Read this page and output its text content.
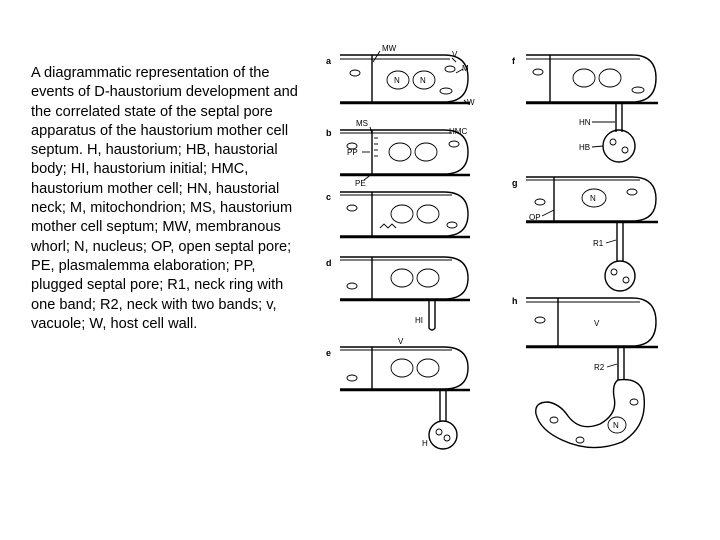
A diagrammatic representation of the events of D-haustorium development and the correlated state of the septal pore apparatus of the haustorium mother cell septum. H, haustorium; HB, haustorial body; HI, haustorium initial; HMC, haustorium mother cell; HN, haustorial neck; M, mitochondrion; MS, haustorium mother cell septum; MW, membranous whorl; N, nucleus; OP, open septal pore; PE, plasmalemma elaboration; PP, plugged septal pore; R1, neck ring with one band; R2, neck with two bands; v, vacuole; W, host cell wall.

a
N	N
MW
V
M
W
b
MS
HMC
PP
PE
c
d
HI
e
V
H
f
HN
HB
g
N
OP
R1
h
V
R2
N
